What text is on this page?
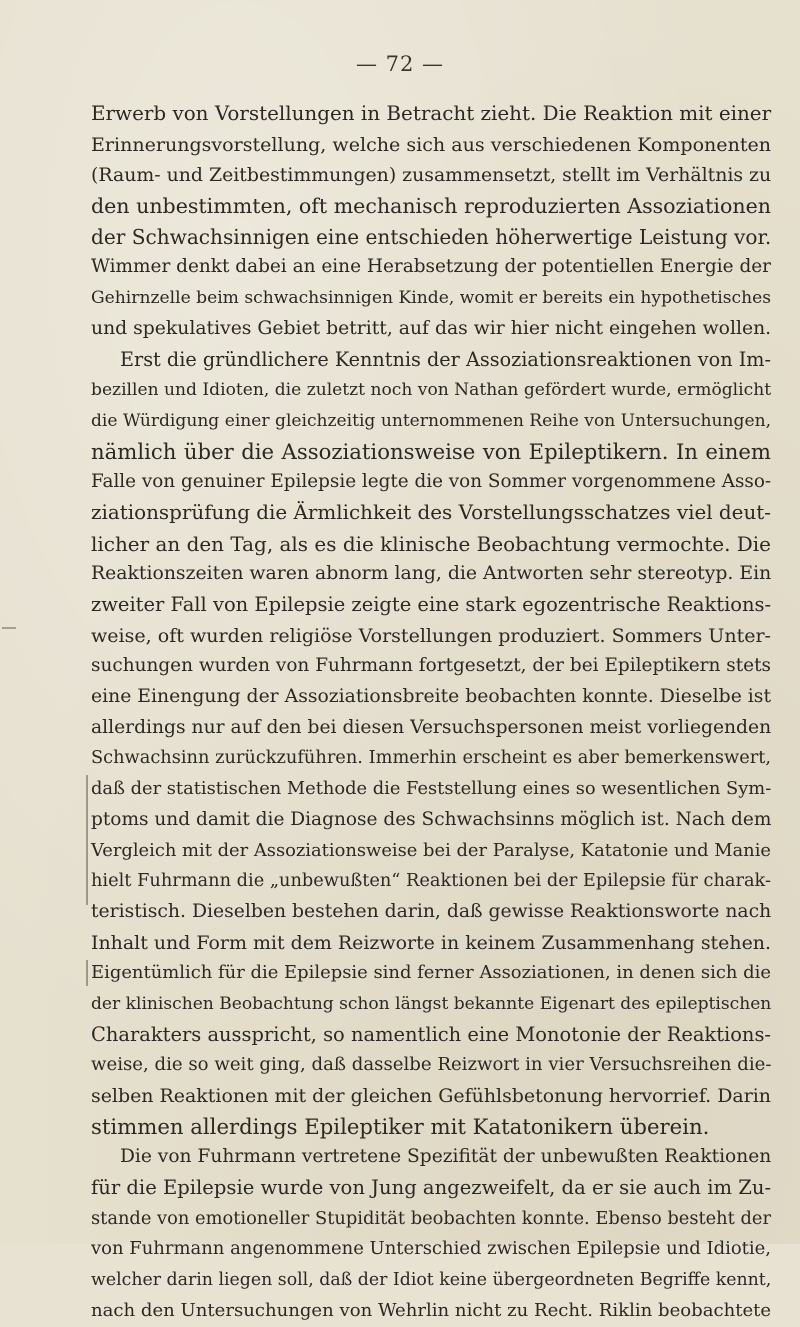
— 72 —
Erwerb von Vorstellungen in Betracht zieht. Die Reaktion mit einer
Erinnerungsvorstellung, welche sich aus verschiedenen Komponenten
(Raum- und Zeitbestimmungen) zusammensetzt, stellt im Verhältnis zu
den unbestimmten, oft mechanisch reproduzierten Assoziationen
der Schwachsinnigen eine entschieden höherwertige Leistung vor.
Wimmer denkt dabei an eine Herabsetzung der potentiellen Energie der
Gehirnzelle beim schwachsinnigen Kinde, womit er bereits ein hypothetisches
und spekulatives Gebiet betritt, auf das wir hier nicht eingehen wollen.
Erst die gründlichere Kenntnis der Assoziationsreaktionen von Im-
bezillen und Idioten, die zuletzt noch von Nathan gefördert wurde, ermöglicht
die Würdigung einer gleichzeitig unternommenen Reihe von Untersuchungen,
nämlich über die Assoziationsweise von Epileptikern. In einem
Falle von genuiner Epilepsie legte die von Sommer vorgenommene Asso-
ziationsprüfung die Ärmlichkeit des Vorstellungsschatzes viel deut-
licher an den Tag, als es die klinische Beobachtung vermochte. Die
Reaktionszeiten waren abnorm lang, die Antworten sehr stereotyp. Ein
zweiter Fall von Epilepsie zeigte eine stark egozentrische Reaktions-
weise, oft wurden religiöse Vorstellungen produziert. Sommers Unter-
suchungen wurden von Fuhrmann fortgesetzt, der bei Epileptikern stets
eine Einengung der Assoziationsbreite beobachten konnte. Dieselbe ist
allerdings nur auf den bei diesen Versuchspersonen meist vorliegenden
Schwachsinn zurückzuführen. Immerhin erscheint es aber bemerkenswert,
daß der statistischen Methode die Feststellung eines so wesentlichen Sym-
ptoms und damit die Diagnose des Schwachsinns möglich ist. Nach dem
Vergleich mit der Assoziationsweise bei der Paralyse, Katatonie und Manie
hielt Fuhrmann die „unbewußten“ Reaktionen bei der Epilepsie für charak-
teristisch. Dieselben bestehen darin, daß gewisse Reaktionsworte nach
Inhalt und Form mit dem Reizworte in keinem Zusammenhang stehen.
Eigentümlich für die Epilepsie sind ferner Assoziationen, in denen sich die
der klinischen Beobachtung schon längst bekannte Eigenart des epileptischen
Charakters ausspricht, so namentlich eine Monotonie der Reaktions-
weise, die so weit ging, daß dasselbe Reizwort in vier Versuchsreihen die-
selben Reaktionen mit der gleichen Gefühlsbetonung hervorrief. Darin
stimmen allerdings Epileptiker mit Katatonikern überein.
Die von Fuhrmann vertretene Spezifität der unbewußten Reaktionen
für die Epilepsie wurde von Jung angezweifelt, da er sie auch im Zu-
stande von emotioneller Stupidität beobachten konnte. Ebenso besteht der
von Fuhrmann angenommene Unterschied zwischen Epilepsie und Idiotie,
welcher darin liegen soll, daß der Idiot keine übergeordneten Begriffe kennt,
nach den Untersuchungen von Wehrlin nicht zu Recht. Riklin beobachtete
